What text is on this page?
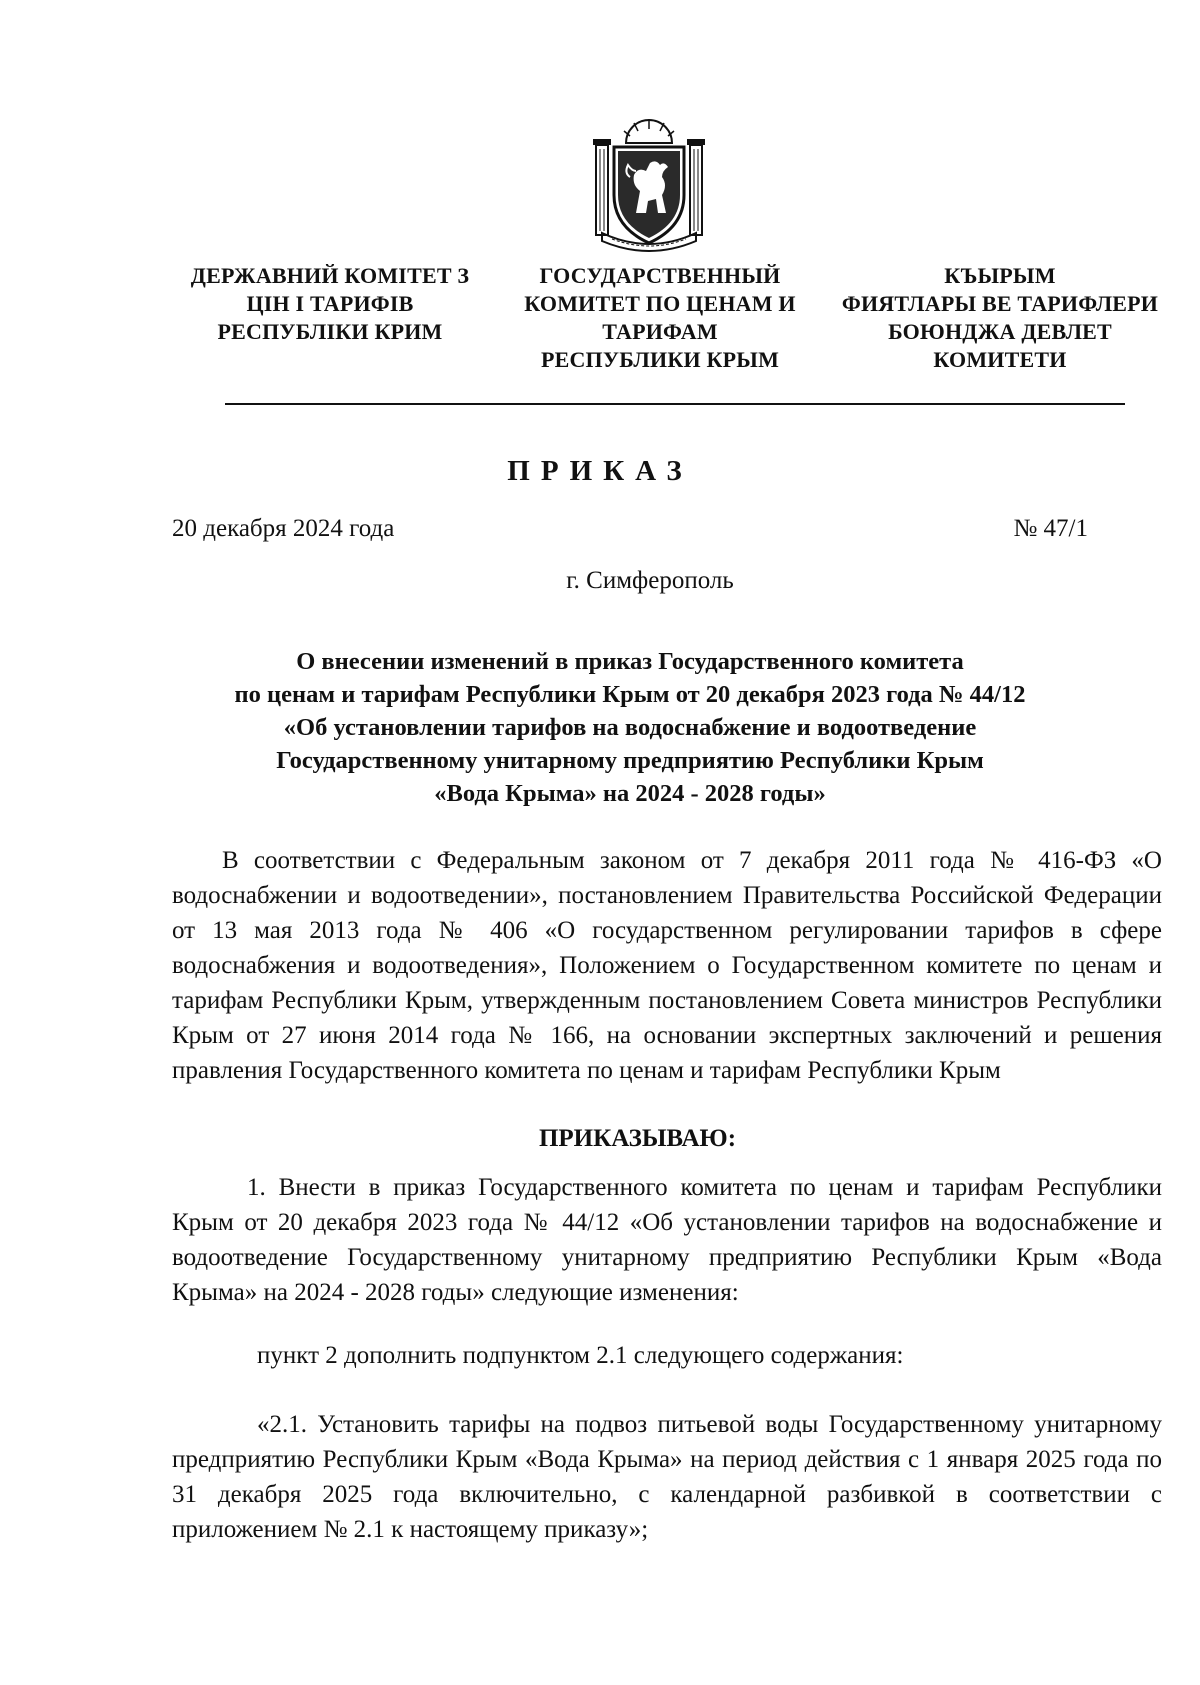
ДЕРЖАВНИЙ КОМІТЕТ З
ЦІН І ТАРИФІВ
РЕСПУБЛІКИ КРИМ
ГОСУДАРСТВЕННЫЙ
КОМИТЕТ ПО ЦЕНАМ И
ТАРИФАМ
РЕСПУБЛИКИ КРЫМ
КЪЫРЫМ
ФИЯТЛАРЫ ВЕ ТАРИФЛЕРИ
БОЮНДЖА ДЕВЛЕТ
КОМИТЕТИ
ПРИКАЗ
20 декабря 2024 года	№ 47/1
г. Симферополь
О внесении изменений в приказ Государственного комитета
по ценам и тарифам Республики Крым от 20 декабря 2023 года № 44/12
«Об установлении тарифов на водоснабжение и водоотведение
Государственному унитарному предприятию Республики Крым
«Вода Крыма» на 2024 - 2028 годы»
В соответствии с Федеральным законом от 7 декабря 2011 года № 416-ФЗ «О водоснабжении и водоотведении», постановлением Правительства Российской Федерации от 13 мая 2013 года № 406 «О государственном регулировании тарифов в сфере водоснабжения и водоотведения», Положением о Государственном комитете по ценам и тарифам Республики Крым, утвержденным постановлением Совета министров Республики Крым от 27 июня 2014 года № 166, на основании экспертных заключений и решения правления Государственного комитета по ценам и тарифам Республики Крым
ПРИКАЗЫВАЮ:
1. Внести в приказ Государственного комитета по ценам и тарифам Республики Крым от 20 декабря 2023 года № 44/12 «Об установлении тарифов на водоснабжение и водоотведение Государственному унитарному предприятию Республики Крым «Вода Крыма» на 2024 - 2028 годы» следующие изменения:
пункт 2 дополнить подпунктом 2.1 следующего содержания:
«2.1. Установить тарифы на подвоз питьевой воды Государственному унитарному предприятию Республики Крым «Вода Крыма» на период действия с 1 января 2025 года по 31 декабря 2025 года включительно, с календарной разбивкой в соответствии с приложением № 2.1 к настоящему приказу»;
